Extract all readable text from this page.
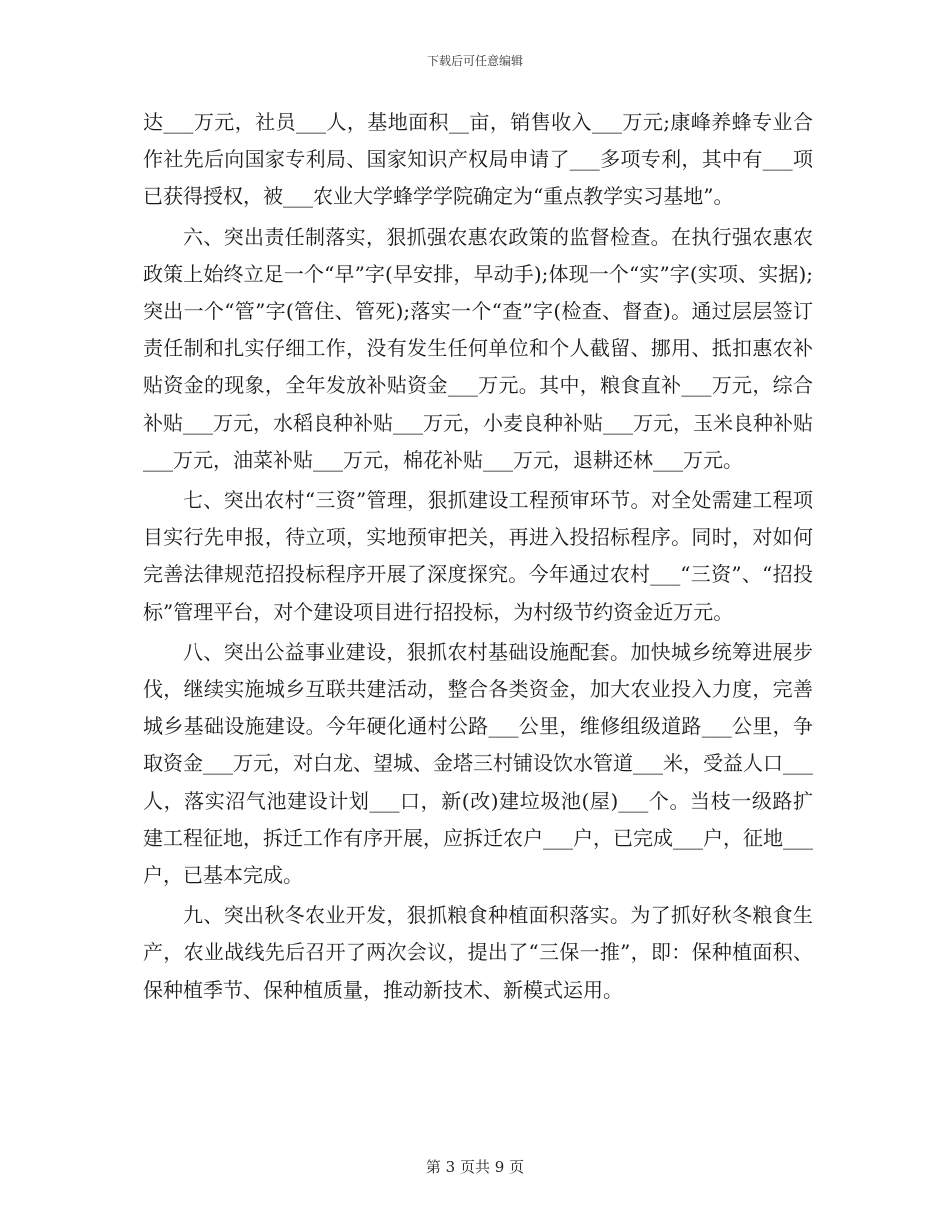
下载后可任意编辑

达___万元，社员___人，基地面积__亩，销售收入___万元;康峰养蜂专业合作社先后向国家专利局、国家知识产权局申请了___多项专利，其中有___项已获得授权，被___农业大学蜂学学院确定为“重点教学实习基地”。

六、突出责任制落实，狠抓强农惠农政策的监督检查。在执行强农惠农政策上始终立足一个“早”字(早安排，早动手);体现一个“实”字(实项、实据);突出一个“管”字(管住、管死);落实一个“查”字(检查、督查)。通过层层签订责任制和扎实仔细工作，没有发生任何单位和个人截留、挪用、抵扣惠农补贴资金的现象，全年发放补贴资金___万元。其中，粮食直补___万元，综合补贴___万元，水稻良种补贴___万元，小麦良种补贴___万元，玉米良种补贴___万元，油菜补贴___万元，棉花补贴___万元，退耕还林___万元。

七、突出农村“三资”管理，狠抓建设工程预审环节。对全处需建工程项目实行先申报，待立项，实地预审把关，再进入投招标程序。同时，对如何完善法律规范招投标程序开展了深度探究。今年通过农村___“三资”、“招投标”管理平台，对个建设项目进行招投标，为村级节约资金近万元。

八、突出公益事业建设，狠抓农村基础设施配套。加快城乡统筹进展步伐，继续实施城乡互联共建活动，整合各类资金，加大农业投入力度，完善城乡基础设施建设。今年硬化通村公路___公里，维修组级道路___公里，争取资金___万元，对白龙、望城、金塔三村铺设饮水管道___米，受益人口___人，落实沼气池建设计划___口，新(改)建垃圾池(屋)___个。当枝一级路扩建工程征地，拆迁工作有序开展，应拆迁农户___户，已完成___户，征地___户，已基本完成。

九、突出秋冬农业开发，狠抓粮食种植面积落实。为了抓好秋冬粮食生产，农业战线先后召开了两次会议，提出了“三保一推”，即：保种植面积、保种植季节、保种植质量，推动新技术、新模式运用。

第 3 页共 9 页
